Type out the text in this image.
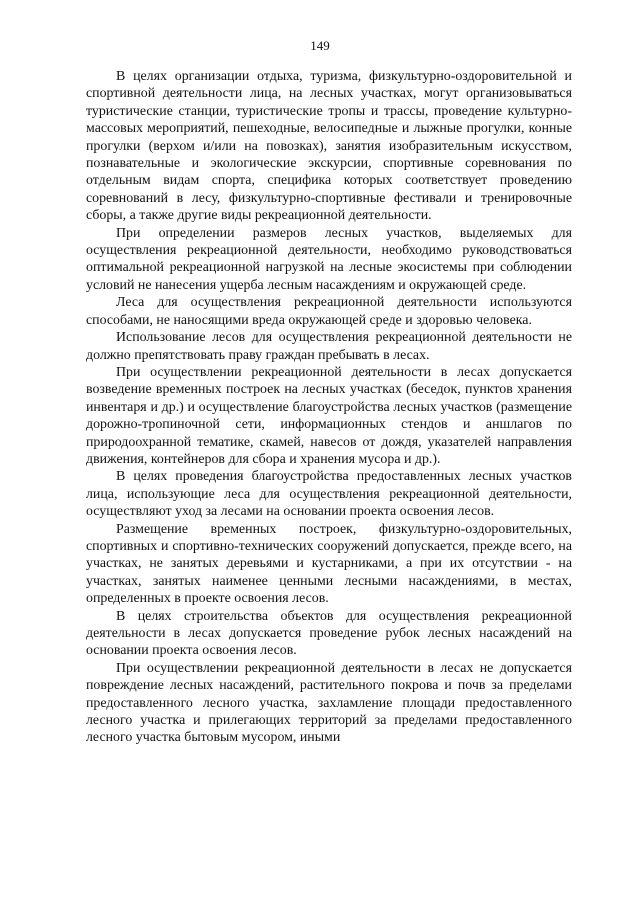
149

В целях организации отдыха, туризма, физкультурно-оздоровительной и спортивной деятельности лица, на лесных участках, могут организовываться туристические станции, туристические тропы и трассы, проведение культурно-массовых мероприятий, пешеходные, велосипедные и лыжные прогулки, конные прогулки (верхом и/или на повозках), занятия изобразительным искусством, познавательные и экологические экскурсии, спортивные соревнования по отдельным видам спорта, специфика которых соответствует проведению соревнований в лесу, физкультурно-спортивные фестивали и тренировочные сборы, а также другие виды рекреационной деятельности.

При определении размеров лесных участков, выделяемых для осуществления рекреационной деятельности, необходимо руководствоваться оптимальной рекреационной нагрузкой на лесные экосистемы при соблюдении условий не нанесения ущерба лесным насаждениям и окружающей среде.

Леса для осуществления рекреационной деятельности используются способами, не наносящими вреда окружающей среде и здоровью человека.

Использование лесов для осуществления рекреационной деятельности не должно препятствовать праву граждан пребывать в лесах.

При осуществлении рекреационной деятельности в лесах допускается возведение временных построек на лесных участках (беседок, пунктов хранения инвентаря и др.) и осуществление благоустройства лесных участков (размещение дорожно-тропиночной сети, информационных стендов и аншлагов по природоохранной тематике, скамей, навесов от дождя, указателей направления движения, контейнеров для сбора и хранения мусора и др.).

В целях проведения благоустройства предоставленных лесных участков лица, использующие леса для осуществления рекреационной деятельности, осуществляют уход за лесами на основании проекта освоения лесов.

Размещение временных построек, физкультурно-оздоровительных, спортивных и спортивно-технических сооружений допускается, прежде всего, на участках, не занятых деревьями и кустарниками, а при их отсутствии - на участках, занятых наименее ценными лесными насаждениями, в местах, определенных в проекте освоения лесов.

В целях строительства объектов для осуществления рекреационной деятельности в лесах допускается проведение рубок лесных насаждений на основании проекта освоения лесов.

При осуществлении рекреационной деятельности в лесах не допускается повреждение лесных насаждений, растительного покрова и почв за пределами предоставленного лесного участка, захламление площади предоставленного лесного участка и прилегающих территорий за пределами предоставленного лесного участка бытовым мусором, иными
